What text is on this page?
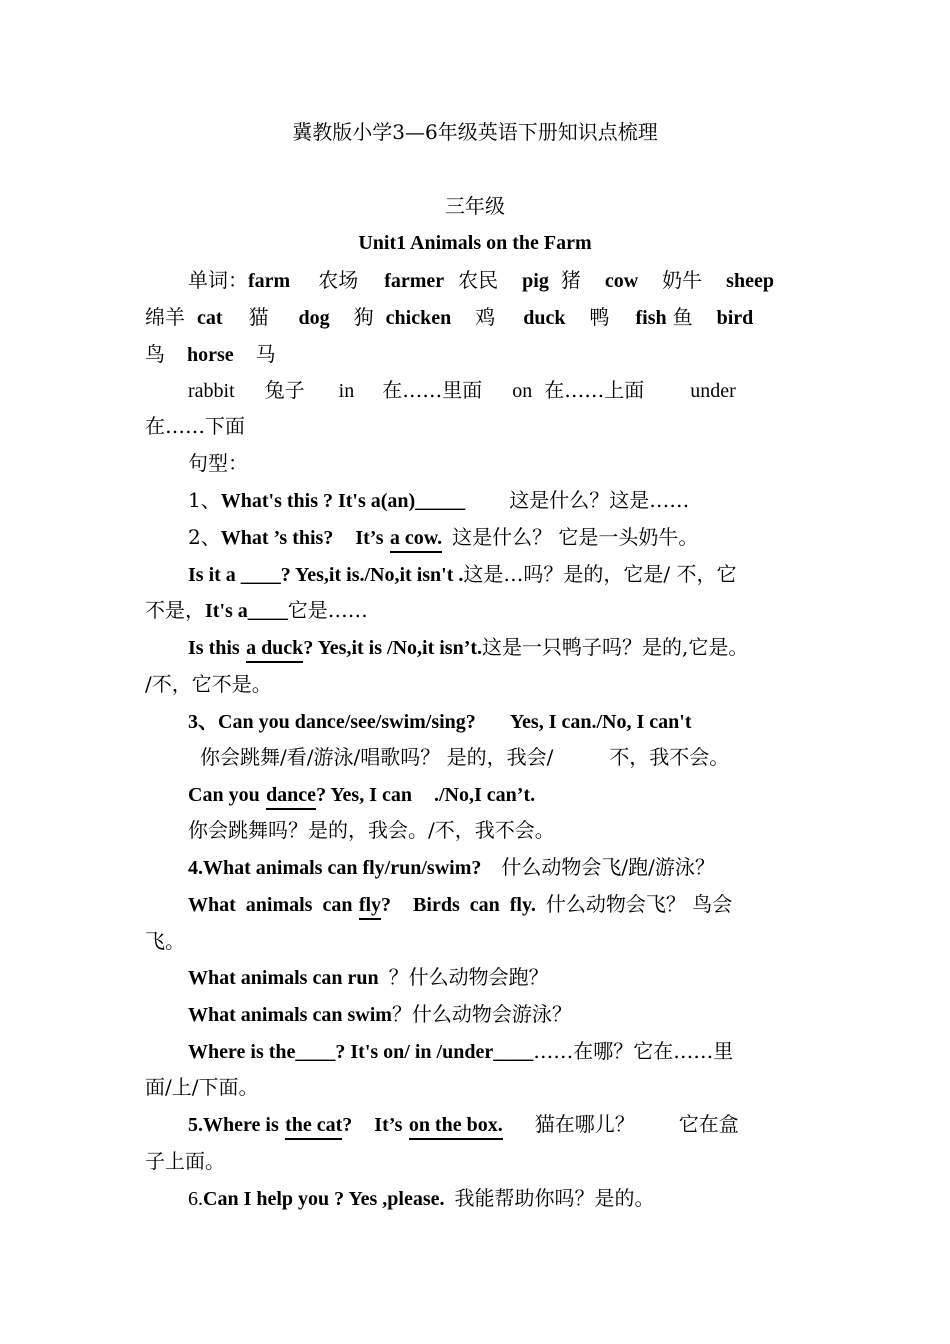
冀教版小学3—6年级英语下册知识点梳理
三年级
Unit1 Animals on the Farm
单词：farm 农场 farmer 农民 pig 猪 cow 奶牛 sheep
绵羊 cat 猫 dog 狗 chicken 鸡 duck 鸭 fish 鱼 bird
鸟 horse 马
rabbit 兔子 in 在……里面 on 在……上面 under
在……下面
句型：
1、What's this ? It's a(an)_____ 这是什么？这是……
2、What ’s this? It’s a cow. 这是什么？ 它是一头奶牛。
Is it a ____? Yes,it is./No,it isn't .这是…吗？是的，它是/ 不，它
不是，It's a____它是……
Is this a duck? Yes,it is /No,it isn’t.这是一只鸭子吗？是的,它是。
/不，它不是。
3、Can you dance/see/swim/sing? Yes, I can./No, I can't
你会跳舞/看/游泳/唱歌吗？ 是的，我会/	不，我不会。
Can you dance? Yes, I can ./No,I can’t.
你会跳舞吗？是的，我会。/不，我不会。
4.What animals can fly/run/swim? 什么动物会飞/跑/游泳？
What  animals  can fly? Birds  can  fly. 什么动物会飞？ 鸟会
飞。
What animals can run ？什么动物会跑？
What animals can swim？什么动物会游泳？
Where is the____? It's on/ in /under____……在哪？它在……里
面/上/下面。
5.Where is the cat? It’s on the box. 猫在哪儿？ 它在盒
子上面。
6.Can I help you ? Yes ,please. 我能帮助你吗？是的。
